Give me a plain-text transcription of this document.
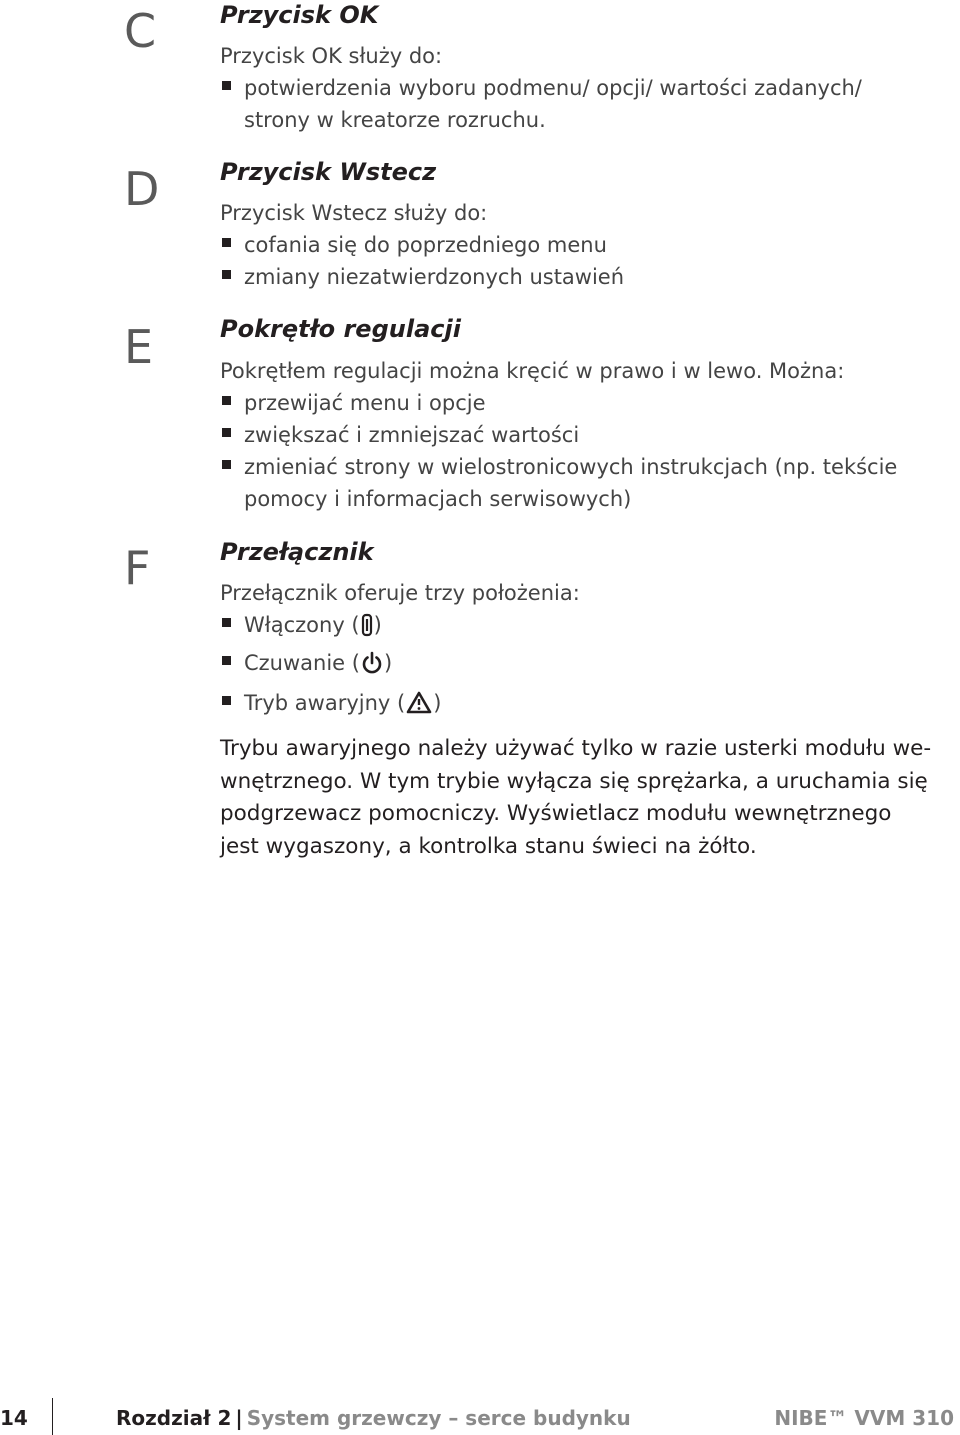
C
D
E
F
Przycisk OK
Przycisk OK służy do:
potwierdzenia wyboru podmenu/ opcji/ wartości zadanych/
strony w kreatorze rozruchu.
Przycisk Wstecz
Przycisk Wstecz służy do:
cofania się do poprzedniego menu
zmiany niezatwierdzonych ustawień
Pokrętło regulacji
Pokrętłem regulacji można kręcić w prawo i w lewo. Można:
przewijać menu i opcje
zwiększać i zmniejszać wartości
zmieniać strony w wielostronicowych instrukcjach (np. tekście
pomocy i informacjach serwisowych)
Przełącznik
Przełącznik oferuje trzy położenia:
Włączony ( )
Czuwanie ( )
Tryb awaryjny ( )
Trybu awaryjnego należy używać tylko w razie usterki modułu we-
wnętrznego. W tym trybie wyłącza się sprężarka, a uruchamia się
podgrzewacz pomocniczy. Wyświetlacz modułu wewnętrznego
jest wygaszony, a kontrolka stanu świeci na żółto.
14	Rozdział 2 | System grzewczy – serce budynku	NIBE™ VVM 310
